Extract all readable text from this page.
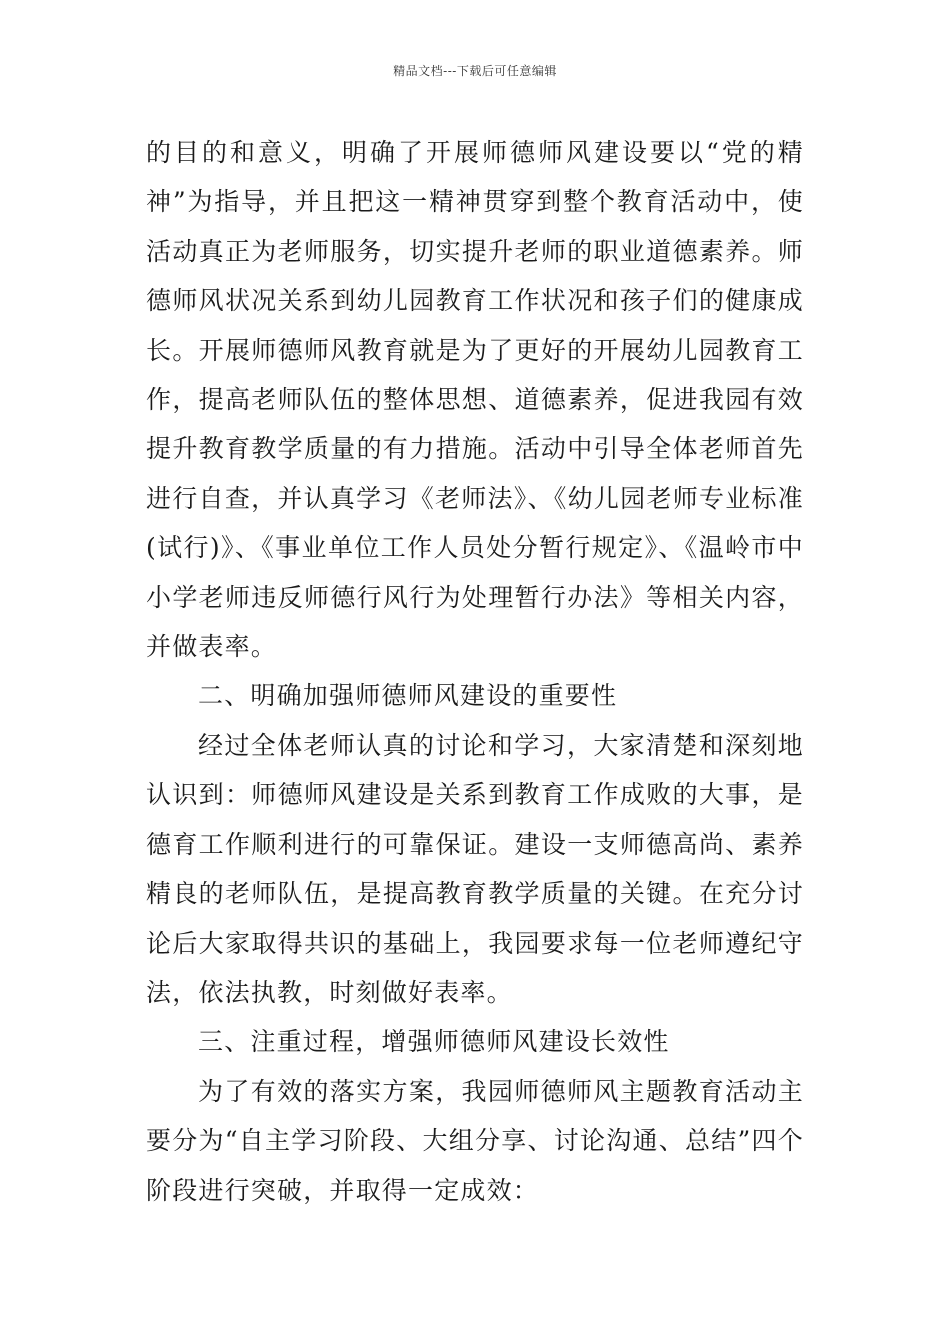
精品文档---下载后可任意编辑

的目的和意义，明确了开展师德师风建设要以“党的精神”为指导，并且把这一精神贯穿到整个教育活动中，使活动真正为老师服务，切实提升老师的职业道德素养。师德师风状况关系到幼儿园教育工作状况和孩子们的健康成长。开展师德师风教育就是为了更好的开展幼儿园教育工作，提高老师队伍的整体思想、道德素养，促进我园有效提升教育教学质量的有力措施。活动中引导全体老师首先进行自查，并认真学习《老师法》、《幼儿园老师专业标准(试行)》、《事业单位工作人员处分暂行规定》、《温岭市中小学老师违反师德行风行为处理暂行办法》等相关内容，并做表率。

二、明确加强师德师风建设的重要性

经过全体老师认真的讨论和学习，大家清楚和深刻地认识到：师德师风建设是关系到教育工作成败的大事，是德育工作顺利进行的可靠保证。建设一支师德高尚、素养精良的老师队伍，是提高教育教学质量的关键。在充分讨论后大家取得共识的基础上，我园要求每一位老师遵纪守法，依法执教，时刻做好表率。

三、注重过程，增强师德师风建设长效性

为了有效的落实方案，我园师德师风主题教育活动主要分为“自主学习阶段、大组分享、讨论沟通、总结”四个阶段进行突破，并取得一定成效：
